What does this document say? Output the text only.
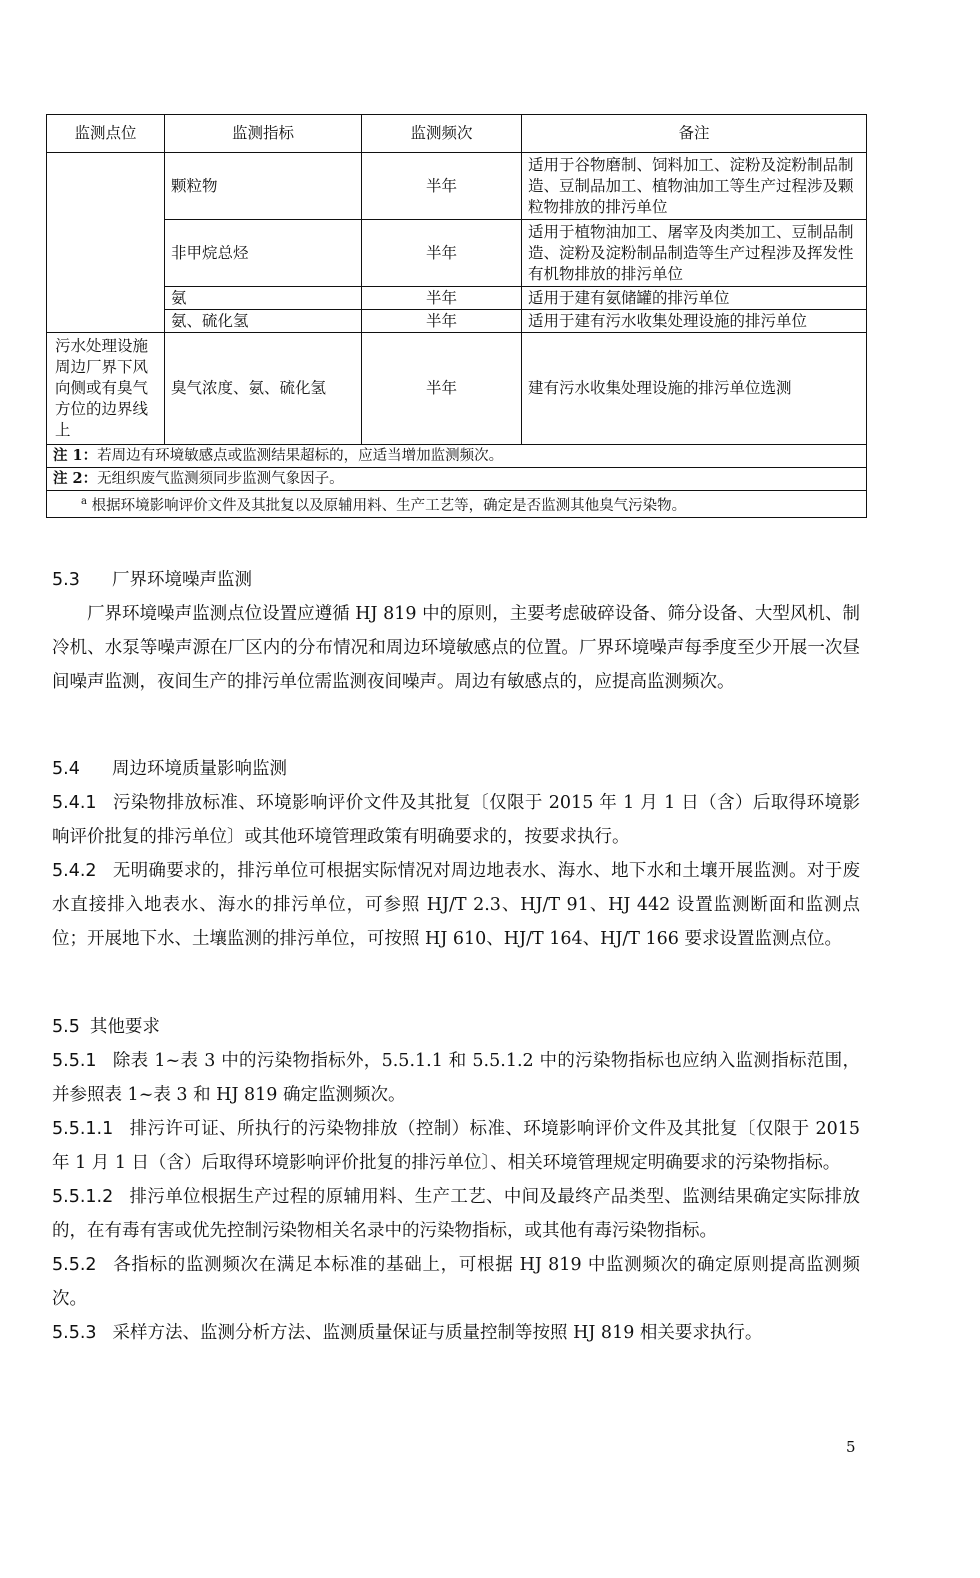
监测点位	监测指标	监测频次	备注
	颗粒物	半年	适用于谷物磨制、饲料加工、淀粉及淀粉制品制造、豆制品加工、植物油加工等生产过程涉及颗粒物排放的排污单位
	非甲烷总烃	半年	适用于植物油加工、屠宰及肉类加工、豆制品制造、淀粉及淀粉制品制造等生产过程涉及挥发性有机物排放的排污单位
	氨	半年	适用于建有氨储罐的排污单位
	氨、硫化氢	半年	适用于建有污水收集处理设施的排污单位
污水处理设施周边厂界下风向侧或有臭气方位的边界线上	臭气浓度、氨、硫化氢	半年	建有污水收集处理设施的排污单位选测

注 1：若周边有环境敏感点或监测结果超标的，应适当增加监测频次。
注 2：无组织废气监测须同步监测气象因子。
$^a$ 根据环境影响评价文件及其批复以及原辅用料、生产工艺等，确定是否监测其他臭气污染物。			
5.3 厂界环境噪声监测

厂界环境噪声监测点位设置应遵循 HJ 819 中的原则，主要考虑破碎设备、筛分设备、大型风机、制冷机、水泵等噪声源在厂区内的分布情况和周边环境敏感点的位置。厂界环境噪声每季度至少开展一次昼间噪声监测，夜间生产的排污单位需监测夜间噪声。周边有敏感点的，应提高监测频次。

5.4 周边环境质量影响监测

5.4.1 污染物排放标准、环境影响评价文件及其批复〔仅限于 2015 年 1 月 1 日（含）后取得环境影响评价批复的排污单位〕或其他环境管理政策有明确要求的，按要求执行。

5.4.2 无明确要求的，排污单位可根据实际情况对周边地表水、海水、地下水和土壤开展监测。对于废水直接排入地表水、海水的排污单位，可参照 HJ/T 2.3、HJ/T 91、HJ 442 设置监测断面和监测点位；开展地下水、土壤监测的排污单位，可按照 HJ 610、HJ/T 164、HJ/T 166 要求设置监测点位。

5.5 其他要求

5.5.1 除表 1~表 3 中的污染物指标外，5.5.1.1 和 5.5.1.2 中的污染物指标也应纳入监测指标范围，并参照表 1~表 3 和 HJ 819 确定监测频次。

5.5.1.1 排污许可证、所执行的污染物排放（控制）标准、环境影响评价文件及其批复〔仅限于 2015 年 1 月 1 日（含）后取得环境影响评价批复的排污单位〕、相关环境管理规定明确要求的污染物指标。

5.5.1.2 排污单位根据生产过程的原辅用料、生产工艺、中间及最终产品类型、监测结果确定实际排放的，在有毒有害或优先控制污染物相关名录中的污染物指标，或其他有毒污染物指标。

5.5.2 各指标的监测频次在满足本标准的基础上，可根据 HJ 819 中监测频次的确定原则提高监测频次。

5.5.3 采样方法、监测分析方法、监测质量保证与质量控制等按照 HJ 819 相关要求执行。

5
